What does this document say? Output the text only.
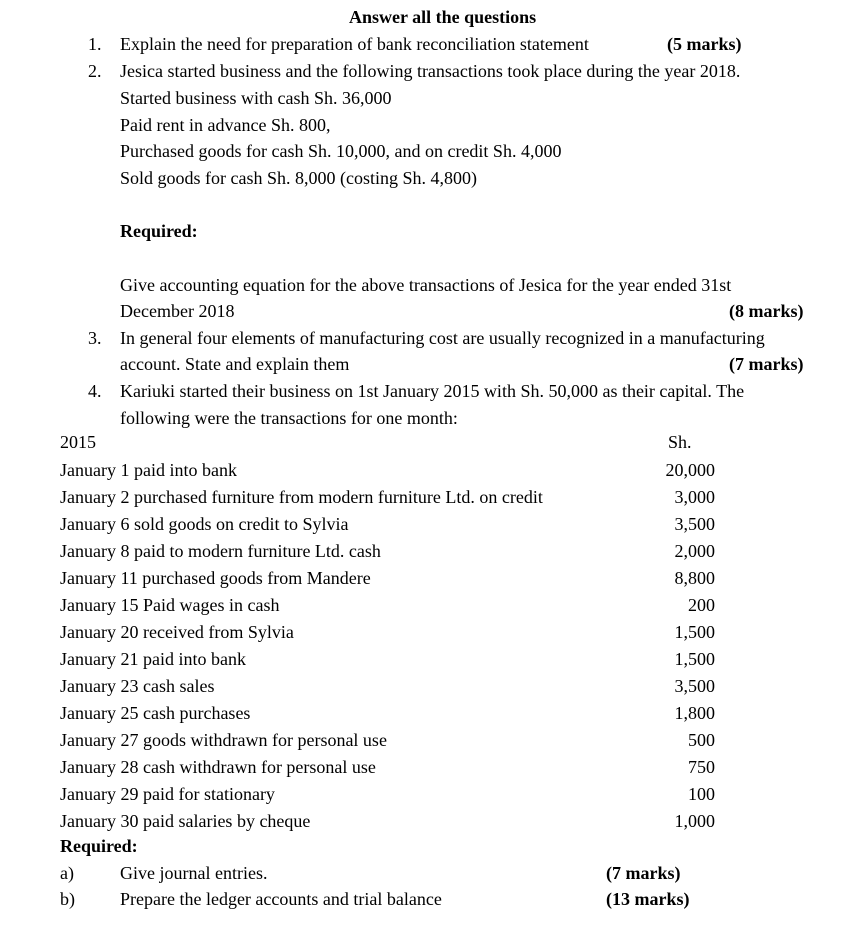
Answer all the questions
1. Explain the need for preparation of bank reconciliation statement	(5 marks)
2. Jesica started business and the following transactions took place during the year 2018.
Started business with cash Sh. 36,000
Paid rent in advance Sh. 800,
Purchased goods for cash Sh. 10,000, and on credit Sh. 4,000
Sold goods for cash Sh. 8,000 (costing Sh. 4,800)
Required:
Give accounting equation for the above transactions of Jesica for the year ended 31st
December 2018	(8 marks)
3. In general four elements of manufacturing cost are usually recognized in a manufacturing
account. State and explain them	(7 marks)
4. Kariuki started their business on 1st January 2015 with Sh. 50,000 as their capital. The
following were the transactions for one month:
2015	Sh.
January 1 paid into bank	20,000
January 2 purchased furniture from modern furniture Ltd. on credit	3,000
January 6 sold goods on credit to Sylvia	3,500
January 8 paid to modern furniture Ltd. cash	2,000
January 11 purchased goods from Mandere	8,800
January 15 Paid wages in cash	200
January 20 received from Sylvia	1,500
January 21 paid into bank	1,500
January 23 cash sales	3,500
January 25 cash purchases	1,800
January 27 goods withdrawn for personal use	500
January 28 cash withdrawn for personal use	750
January 29 paid for stationary	100
January 30 paid salaries by cheque	1,000
Required:
a)	Give journal entries.	(7 marks)
b)	Prepare the ledger accounts and trial balance	(13 marks)
